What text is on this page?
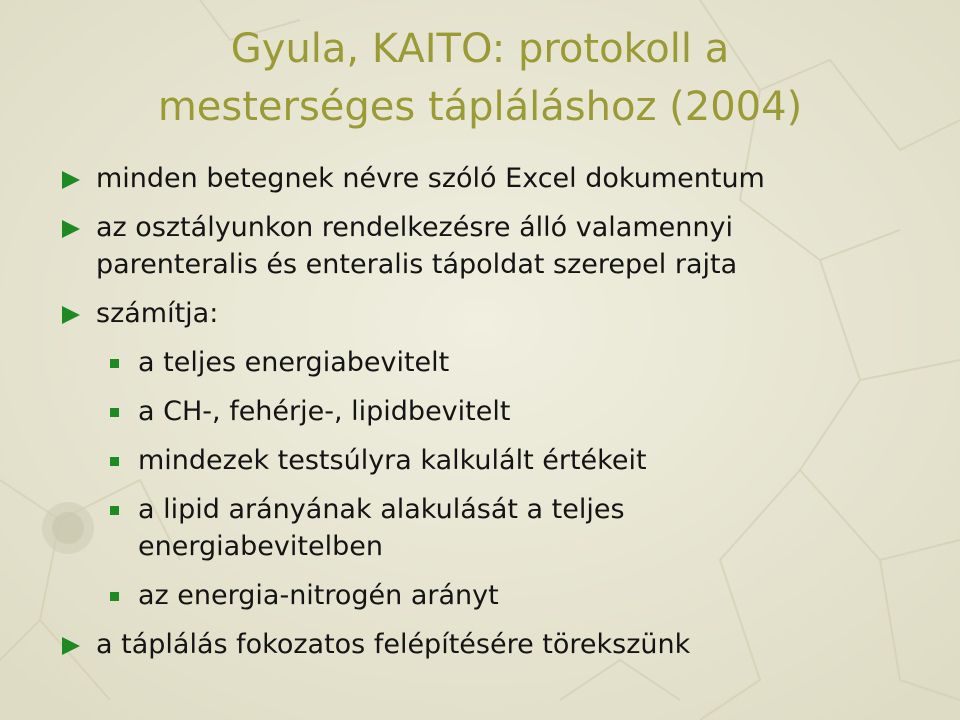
Gyula, KAITO: protokoll a
mesterséges tápláláshoz (2004)

minden betegnek névre szóló Excel dokumentum

az osztályunkon rendelkezésre álló valamennyi
parenteralis és enteralis tápoldat szerepel rajta

számítja:

a teljes energiabevitelt

a CH-, fehérje-, lipidbevitelt

mindezek testsúlyra kalkulált értékeit

a lipid arányának alakulását a teljes
energiabevitelben

az energia-nitrogén arányt

a táplálás fokozatos felépítésére törekszünk
